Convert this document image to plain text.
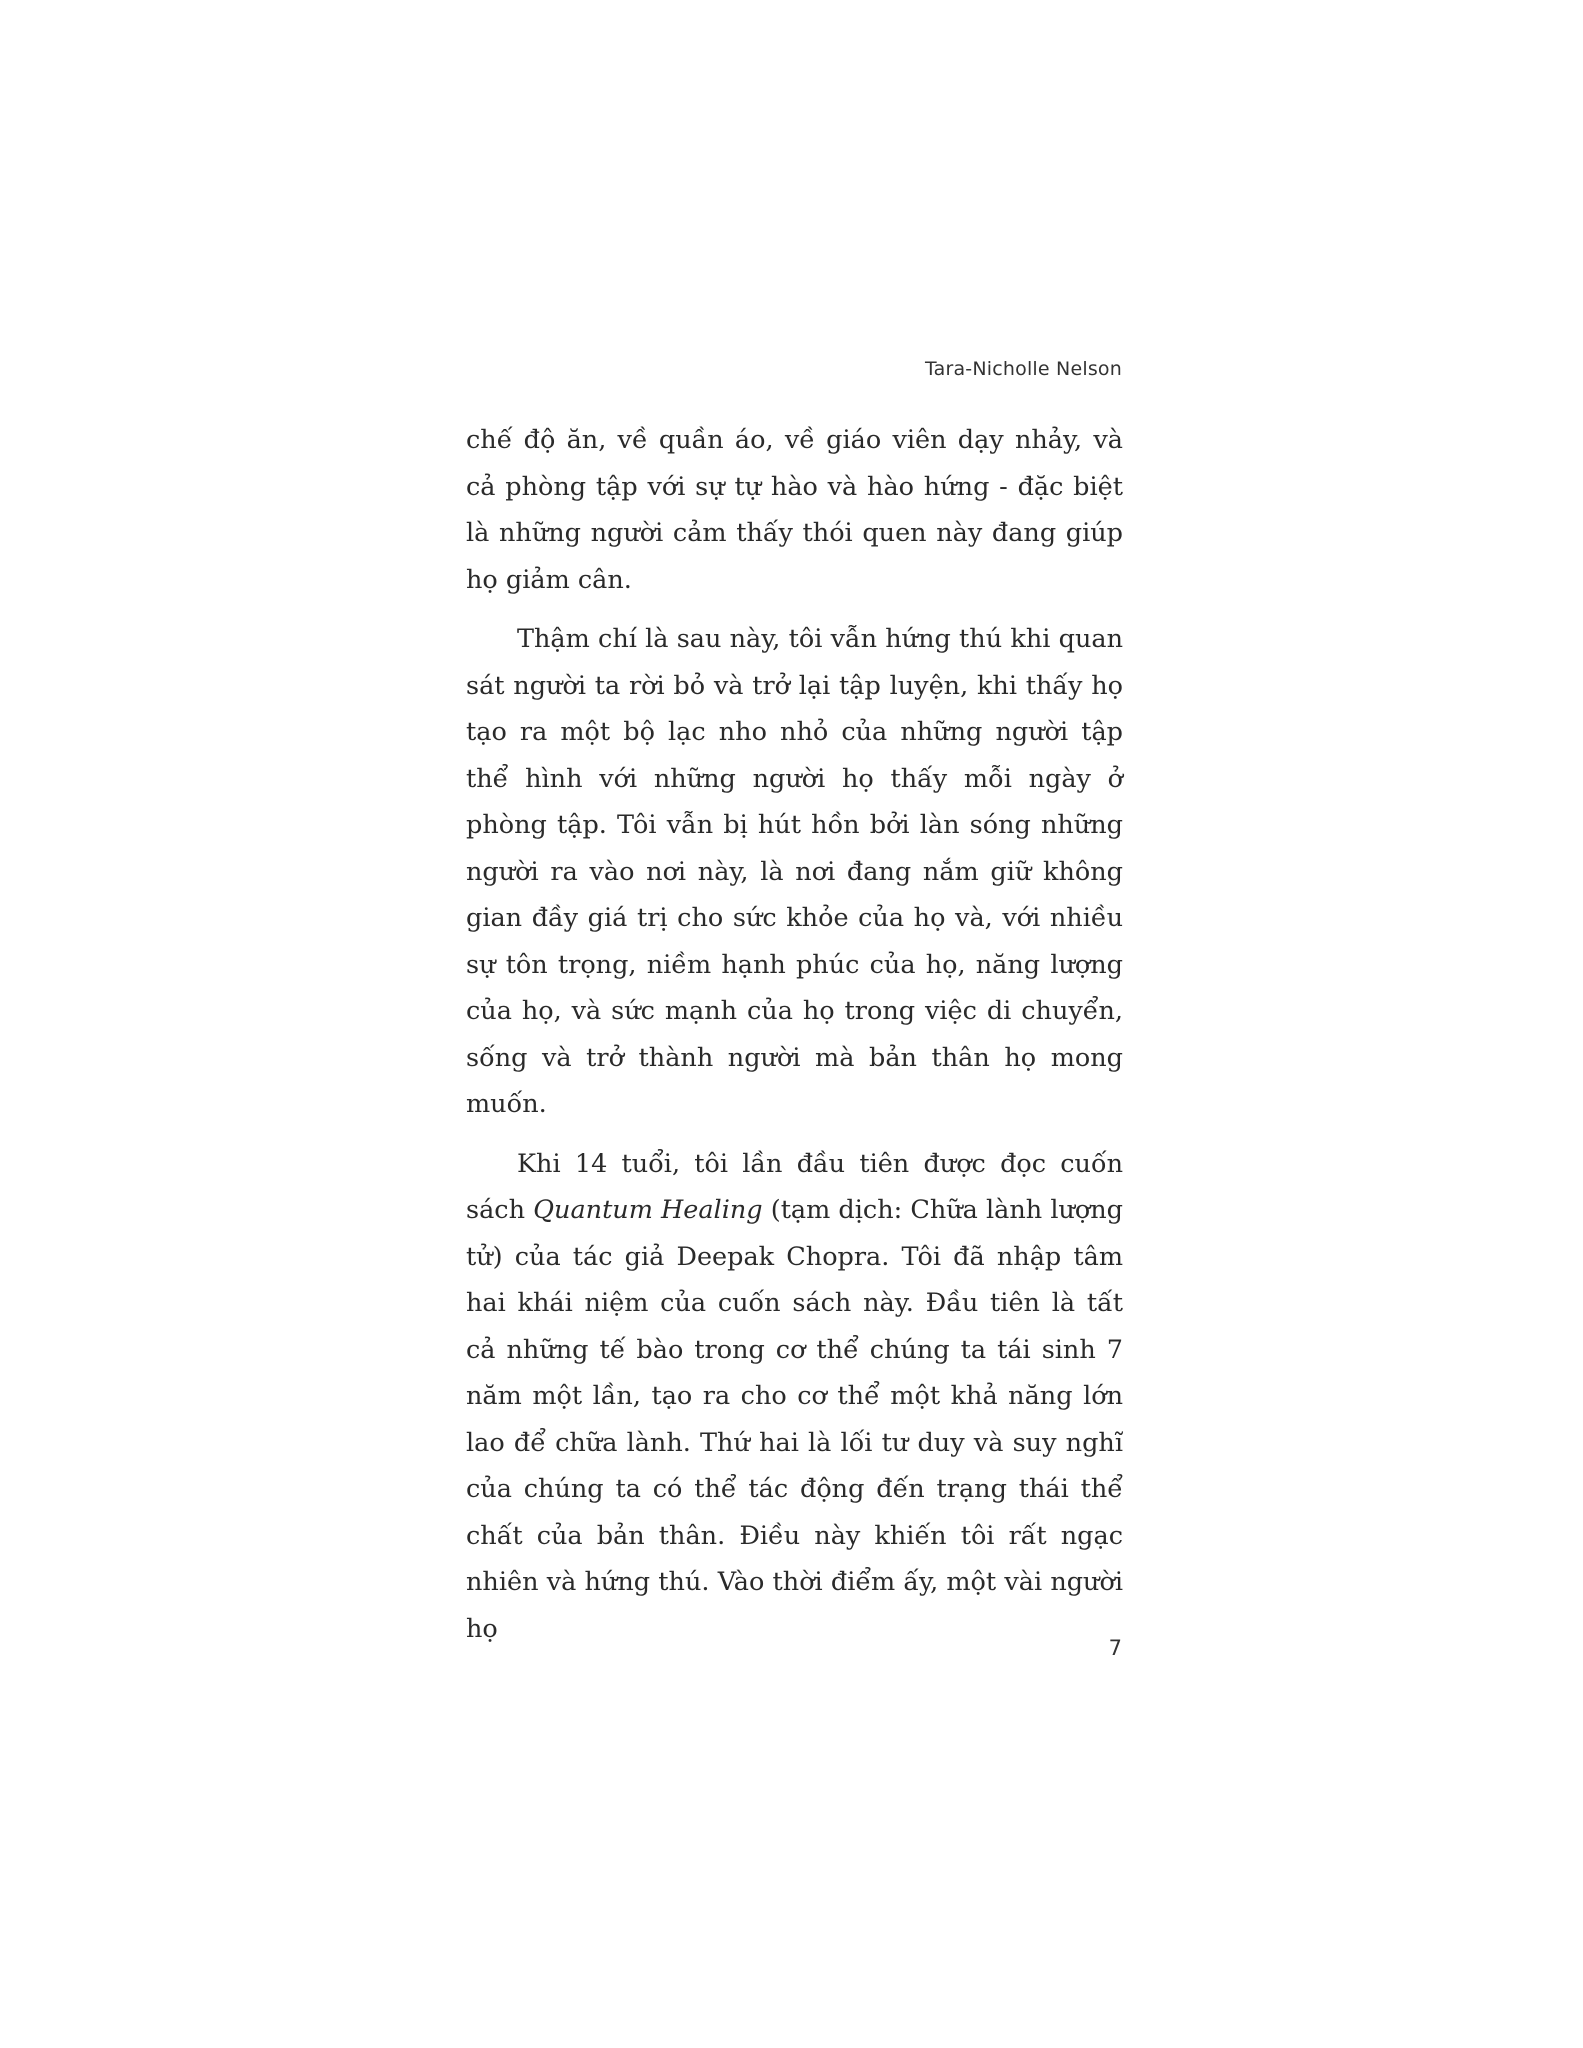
Tara-Nicholle Nelson

chế độ ăn, về quần áo, về giáo viên dạy nhảy, và cả phòng tập với sự tự hào và hào hứng - đặc biệt là những người cảm thấy thói quen này đang giúp họ giảm cân.

Thậm chí là sau này, tôi vẫn hứng thú khi quan sát người ta rời bỏ và trở lại tập luyện, khi thấy họ tạo ra một bộ lạc nho nhỏ của những người tập thể hình với những người họ thấy mỗi ngày ở phòng tập. Tôi vẫn bị hút hồn bởi làn sóng những người ra vào nơi này, là nơi đang nắm giữ không gian đầy giá trị cho sức khỏe của họ và, với nhiều sự tôn trọng, niềm hạnh phúc của họ, năng lượng của họ, và sức mạnh của họ trong việc di chuyển, sống và trở thành người mà bản thân họ mong muốn.

Khi 14 tuổi, tôi lần đầu tiên được đọc cuốn sách Quantum Healing (tạm dịch: Chữa lành lượng tử) của tác giả Deepak Chopra. Tôi đã nhập tâm hai khái niệm của cuốn sách này. Đầu tiên là tất cả những tế bào trong cơ thể chúng ta tái sinh 7 năm một lần, tạo ra cho cơ thể một khả năng lớn lao để chữa lành. Thứ hai là lối tư duy và suy nghĩ của chúng ta có thể tác động đến trạng thái thể chất của bản thân. Điều này khiến tôi rất ngạc nhiên và hứng thú. Vào thời điểm ấy, một vài người họ

7
